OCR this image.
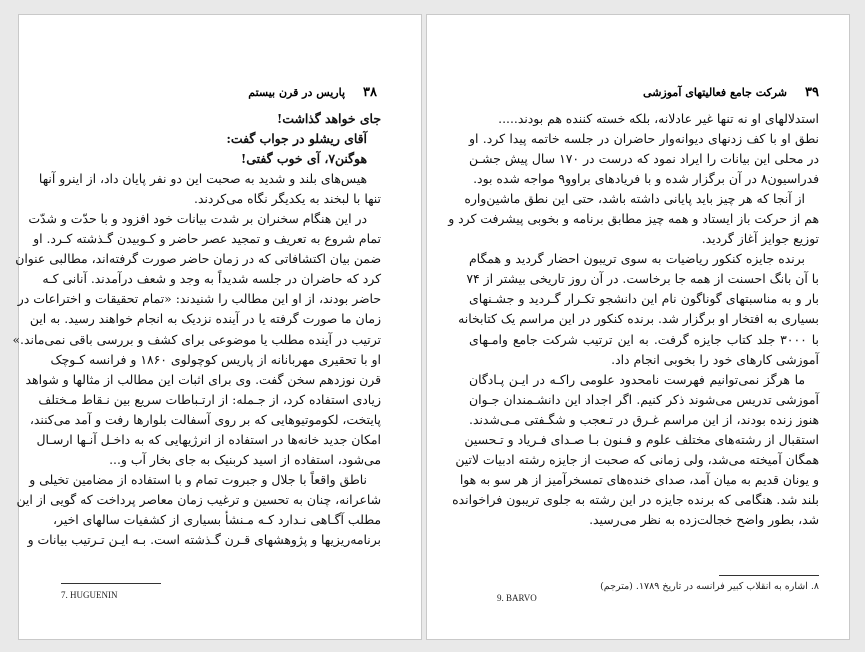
۳۸
پاریس در قرن بیستم
جای خواهد گذاشت!
آقای ریشلو در جواب گفت:
هوگنن‎۷، آی خوب گفتی!
هیس‌های بلند و شدید به صحبت این دو نفر پایان داد، از اینرو آنها
تنها با لبخند به یکدیگر نگاه می‌کردند.
در این هنگام سخنران بر شدت بیانات خود افزود و با حدّت و شدّت
تمام شروع به تعریف و تمجید عصر حاضر و کـوبیدن گـذشته کـرد. او
ضمن بیان اکتشافاتی که در زمان حاضر صورت گرفته‌اند، مطالبی عنوان
کرد که حاضران در جلسه شدیداً به وجد و شعف درآمدند. آنانی کـه
حاضر بودند، از او این مطالب را شنیدند: «تمام تحقیقات و اختراعات در
زمان ما صورت گرفته یا در آینده نزدیک به انجام خواهند رسید. به این
ترتیب در آینده مطلب یا موضوعی برای کشف و بررسی باقی نمی‌ماند.»
او با تحقیری مهربانانه از پاریس کوچولوی ۱۸۶۰ و فرانسه کـوچک
قرن نوزدهم سخن گفت. وی برای اثبات این مطالب از مثالها و شواهد
زیادی استفاده کرد، از جـمله: از ارتـباطات سریع بین نـقاط مـختلف
پایتخت، لکوموتیوهایی که بر روی آسفالت بلوارها رفت و آمد می‌کنند،
امکان جدید خانه‌ها در استفاده از انرژیهایی که به داخـل آنـها ارسـال
می‌شود، استفاده از اسید کربنیک به جای بخار آب و...
ناطق واقعاً با جلال و جبروت تمام و با استفاده از مضامین تخیلی و
شاعرانه، چنان به تحسین و ترغیب زمان معاصر پرداخت که گویی از این
مطلب آگـاهی نـدارد کـه مـنشأ بسیاری از کشفیات سالهای اخیر،
برنامه‌ریزیها و پژوهشهای قـرن گـذشته است. بـه ایـن تـرتیب بیانات و
7. HUGUENIN
۳۹
شرکت جامع فعالیتهای آموزشی
استدلالهای او نه تنها غیر عادلانه، بلکه خسته کننده هم بودند.....
نطق او با کف زدنهای دیوانه‌وار حاضران در جلسه خاتمه پیدا کرد. او
در محلی این بیانات را ایراد نمود که درست در ۱۷۰ سال پیش جشـن
فدراسیون‎۸ در آن برگزار شده و با فریادهای براوو‎۹ مواجه شده بود.
از آنجا که هر چیز باید پایانی داشته باشد، حتی این نطق ماشین‌واره
هم از حرکت باز ایستاد و همه چیز مطابق برنامه و بخوبی پیشرفت کرد و
توزیع جوایز آغاز گردید.
برنده جایزه کنکور ریاضیات به سوی تریبون احضار گردید و همگام
با آن بانگ احسنت از همه جا برخاست. در آن روز تاریخی بیشتر از ۷۴
بار و به مناسبتهای گوناگون نام این دانشجو تکـرار گـردید و جشـنهای
بسیاری به افتخار او برگزار شد. برنده کنکور در این مراسم یک کتابخانه
با ۳۰۰۰ جلد کتاب جایزه گرفت. به این ترتیب شرکت جامع وامـهای
آموزشی کارهای خود را بخوبی انجام داد.
ما هرگز نمی‌توانیم فهرست نامحدود علومی راکـه در ایـن پـادگان
آموزشی تدریس می‌شوند ذکر کنیم. اگر اجداد این دانشـمندان جـوان
هنوز زنده بودند، از این مراسم غـرق در تـعجب و شگـفتی مـی‌شدند.
استقبال از رشته‌های مختلف علوم و فـنون بـا صـدای فـریاد و تـحسین
همگان آمیخته می‌شد، ولی زمانی که صحبت از جایزه رشته ادبیات لاتین
و یونان قدیم به میان آمد، صدای خنده‌های تمسخرآمیز از هر سو به هوا
بلند شد. هنگامی که برنده جایزه در این رشته به جلوی تریبون فراخوانده
شد، بطور واضح خجالت‌زده به نظر می‌رسید.
۸. اشاره به انقلاب کبیر فرانسه در تاریخ ۱۷۸۹. (مترجم)
9. BARVO
